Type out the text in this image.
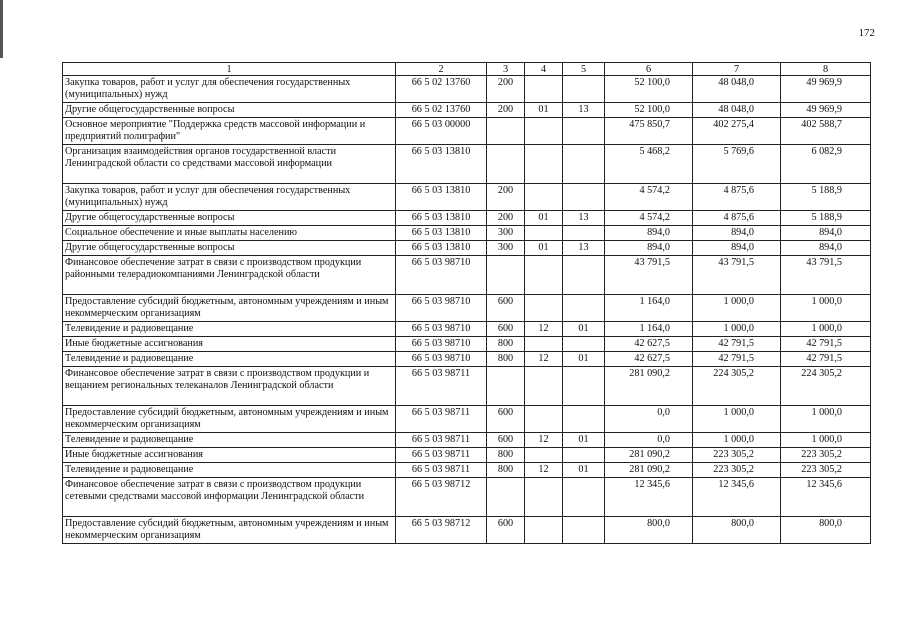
172
1	2	3	4	5	6	7	8
Закупка товаров, работ и услуг для обеспечения государственных (муниципальных) нужд	66 5 02 13760	200			52 100,0	48 048,0	49 969,9
Другие общегосударственные вопросы	66 5 02 13760	200	01	13	52 100,0	48 048,0	49 969,9
Основное мероприятие "Поддержка средств массовой информации и предприятий полиграфии"	66 5 03 00000				475 850,7	402 275,4	402 588,7
Организация взаимодействия органов государственной власти Ленинградской области со средствами массовой информации	66 5 03 13810				5 468,2	5 769,6	6 082,9
Закупка товаров, работ и услуг для обеспечения государственных (муниципальных) нужд	66 5 03 13810	200			4 574,2	4 875,6	5 188,9
Другие общегосударственные вопросы	66 5 03 13810	200	01	13	4 574,2	4 875,6	5 188,9
Социальное обеспечение и иные выплаты населению	66 5 03 13810	300			894,0	894,0	894,0
Другие общегосударственные вопросы	66 5 03 13810	300	01	13	894,0	894,0	894,0
Финансовое обеспечение затрат в связи с производством продукции районными телерадиокомпаниями Ленинградской области	66 5 03 98710				43 791,5	43 791,5	43 791,5
Предоставление субсидий бюджетным, автономным учреждениям и иным некоммерческим организациям	66 5 03 98710	600			1 164,0	1 000,0	1 000,0
Телевидение и радиовещание	66 5 03 98710	600	12	01	1 164,0	1 000,0	1 000,0
Иные бюджетные ассигнования	66 5 03 98710	800			42 627,5	42 791,5	42 791,5
Телевидение и радиовещание	66 5 03 98710	800	12	01	42 627,5	42 791,5	42 791,5
Финансовое обеспечение затрат в связи с производством продукции и вещанием региональных телеканалов Ленинградской области	66 5 03 98711				281 090,2	224 305,2	224 305,2
Предоставление субсидий бюджетным, автономным учреждениям и иным некоммерческим организациям	66 5 03 98711	600			0,0	1 000,0	1 000,0
Телевидение и радиовещание	66 5 03 98711	600	12	01	0,0	1 000,0	1 000,0
Иные бюджетные ассигнования	66 5 03 98711	800			281 090,2	223 305,2	223 305,2
Телевидение и радиовещание	66 5 03 98711	800	12	01	281 090,2	223 305,2	223 305,2
Финансовое обеспечение затрат в связи с производством продукции сетевыми средствами массовой информации Ленинградской области	66 5 03 98712				12 345,6	12 345,6	12 345,6
Предоставление субсидий бюджетным, автономным учреждениям и иным некоммерческим организациям	66 5 03 98712	600			800,0	800,0	800,0
